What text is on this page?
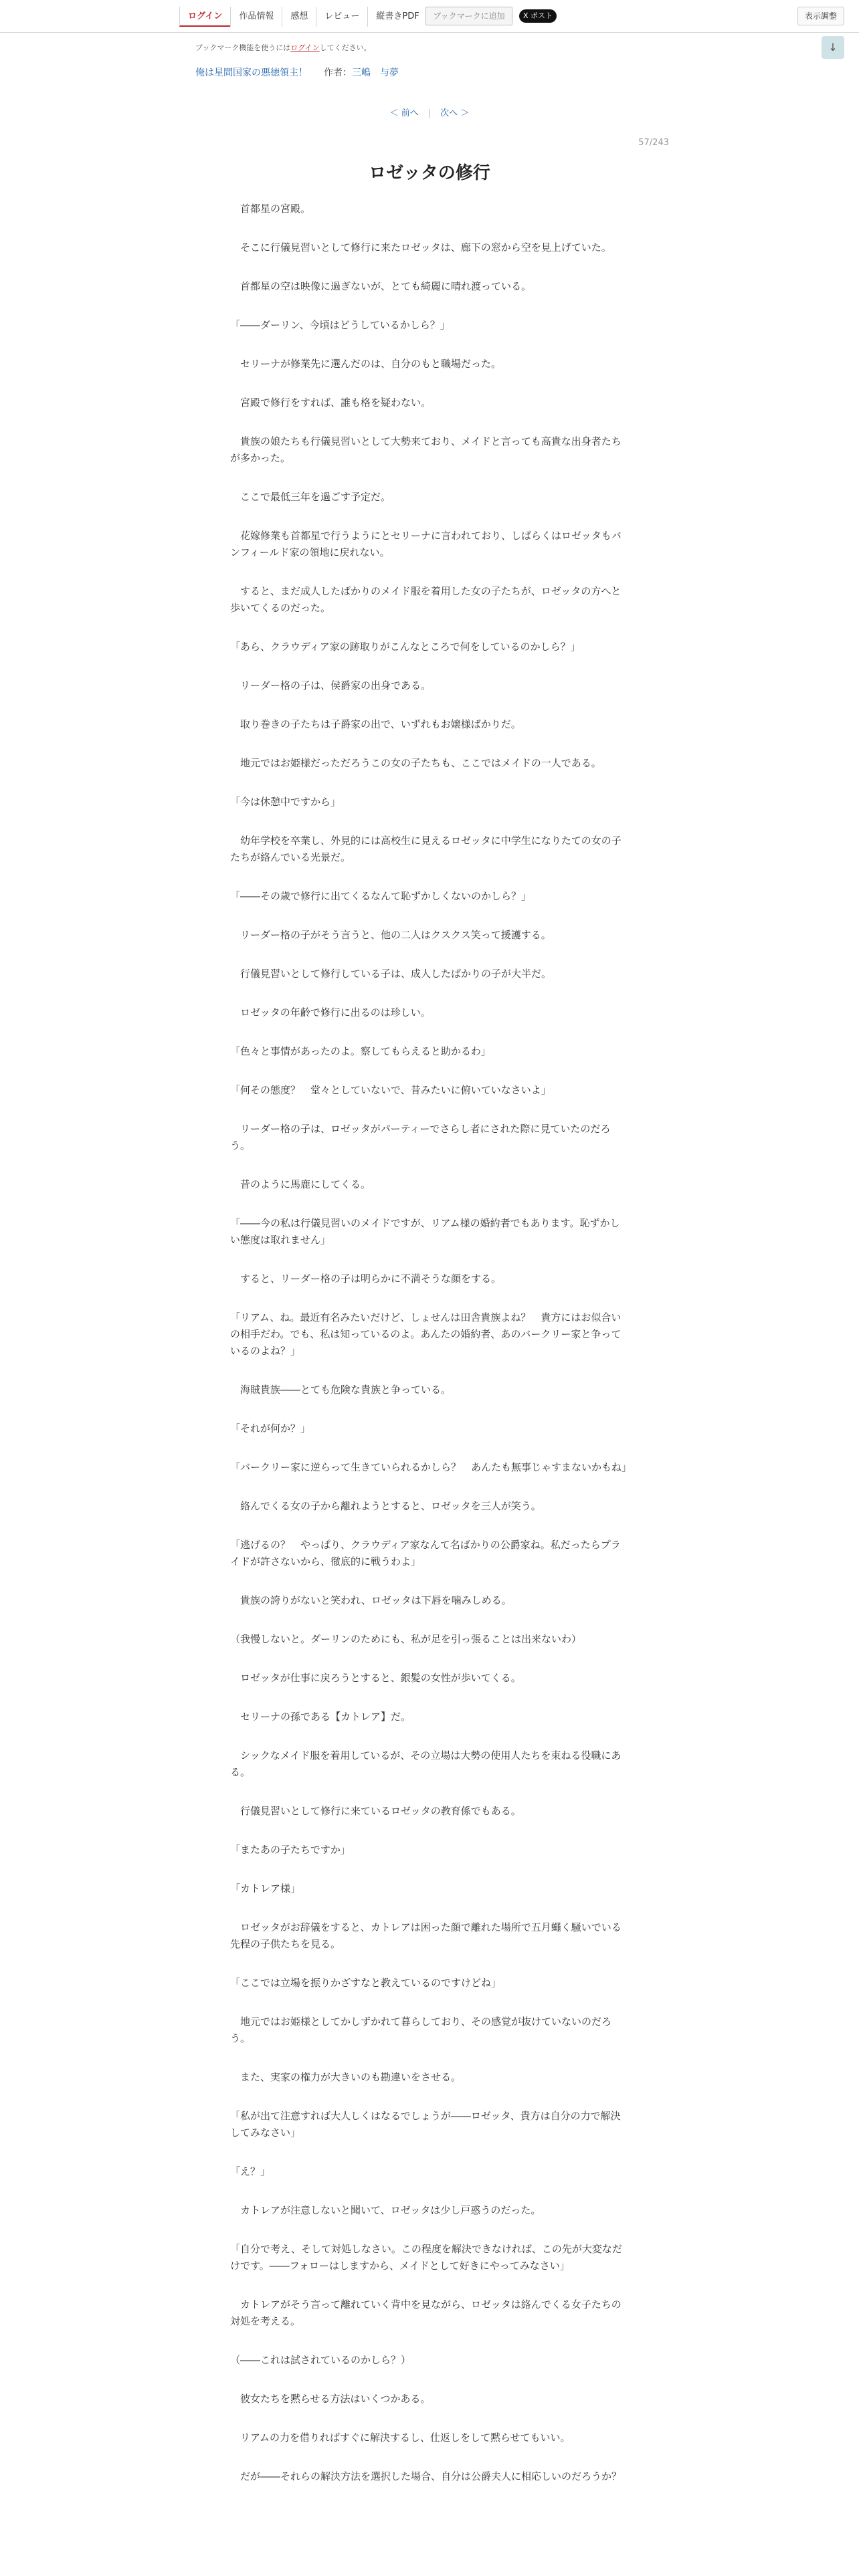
ログイン	作品情報	感想	レビュー	縦書きPDF	ブックマークに追加	X ポスト	表示調整
ブックマーク機能を使うにはログインしてください。
俺は星間国家の悪徳領主！ 作者： 三嶋　与夢
↓
＜ 前へ | 次へ ＞
57/243
ロゼッタの修行

　首都星の宮殿。

　そこに行儀見習いとして修行に来たロゼッタは、廊下の窓から空を見上げていた。

　首都星の空は映像に過ぎないが、とても綺麗に晴れ渡っている。

「――ダーリン、今頃はどうしているかしら？」

　セリーナが修業先に選んだのは、自分のもと職場だった。

　宮殿で修行をすれば、誰も格を疑わない。

　貴族の娘たちも行儀見習いとして大勢来ており、メイドと言っても高貴な出身者たちが多かった。

　ここで最低三年を過ごす予定だ。

　花嫁修業も首都星で行うようにとセリーナに言われており、しばらくはロゼッタもバンフィールド家の領地に戻れない。

　すると、まだ成人したばかりのメイド服を着用した女の子たちが、ロゼッタの方へと歩いてくるのだった。

「あら、クラウディア家の跡取りがこんなところで何をしているのかしら？」

　リーダー格の子は、侯爵家の出身である。

　取り巻きの子たちは子爵家の出で、いずれもお嬢様ばかりだ。

　地元ではお姫様だっただろうこの女の子たちも、ここではメイドの一人である。

「今は休憩中ですから」

　幼年学校を卒業し、外見的には高校生に見えるロゼッタに中学生になりたての女の子たちが絡んでいる光景だ。

「――その歳で修行に出てくるなんて恥ずかしくないのかしら？」

　リーダー格の子がそう言うと、他の二人はクスクス笑って援護する。

　行儀見習いとして修行している子は、成人したばかりの子が大半だ。

　ロゼッタの年齢で修行に出るのは珍しい。

「色々と事情があったのよ。察してもらえると助かるわ」

「何その態度？　堂々としていないで、昔みたいに俯いていなさいよ」

　リーダー格の子は、ロゼッタがパーティーでさらし者にされた際に見ていたのだろう。

　昔のように馬鹿にしてくる。

「――今の私は行儀見習いのメイドですが、リアム様の婚約者でもあります。恥ずかしい態度は取れません」

　すると、リーダー格の子は明らかに不満そうな顔をする。

「リアム、ね。最近有名みたいだけど、しょせんは田舎貴族よね？　貴方にはお似合いの相手だわ。でも、私は知っているのよ。あんたの婚約者、あのバークリー家と争っているのよね？」

　海賊貴族――とても危険な貴族と争っている。

「それが何か？」

「バークリー家に逆らって生きていられるかしら？　あんたも無事じゃすまないかもね」

　絡んでくる女の子から離れようとすると、ロゼッタを三人が笑う。

「逃げるの？　やっぱり、クラウディア家なんて名ばかりの公爵家ね。私だったらプライドが許さないから、徹底的に戦うわよ」

　貴族の誇りがないと笑われ、ロゼッタは下唇を噛みしめる。

（我慢しないと。ダーリンのためにも、私が足を引っ張ることは出来ないわ）

　ロゼッタが仕事に戻ろうとすると、銀髪の女性が歩いてくる。

　セリーナの孫である【カトレア】だ。

　シックなメイド服を着用しているが、その立場は大勢の使用人たちを束ねる役職にある。

　行儀見習いとして修行に来ているロゼッタの教育係でもある。

「またあの子たちですか」

「カトレア様」

　ロゼッタがお辞儀をすると、カトレアは困った顔で離れた場所で五月蠅く騒いでいる先程の子供たちを見る。

「ここでは立場を振りかざすなと教えているのですけどね」

　地元ではお姫様としてかしずかれて暮らしており、その感覚が抜けていないのだろう。

　また、実家の権力が大きいのも勘違いをさせる。

「私が出て注意すれば大人しくはなるでしょうが――ロゼッタ、貴方は自分の力で解決してみなさい」

「え？」

　カトレアが注意しないと聞いて、ロゼッタは少し戸惑うのだった。

「自分で考え、そして対処しなさい。この程度を解決できなければ、この先が大変なだけです。――フォローはしますから、メイドとして好きにやってみなさい」

　カトレアがそう言って離れていく背中を見ながら、ロゼッタは絡んでくる女子たちの対処を考える。

（――これは試されているのかしら？）

　彼女たちを黙らせる方法はいくつかある。

　リアムの力を借りればすぐに解決するし、仕返しをして黙らせてもいい。

　だが――それらの解決方法を選択した場合、自分は公爵夫人に相応しいのだろうか？
